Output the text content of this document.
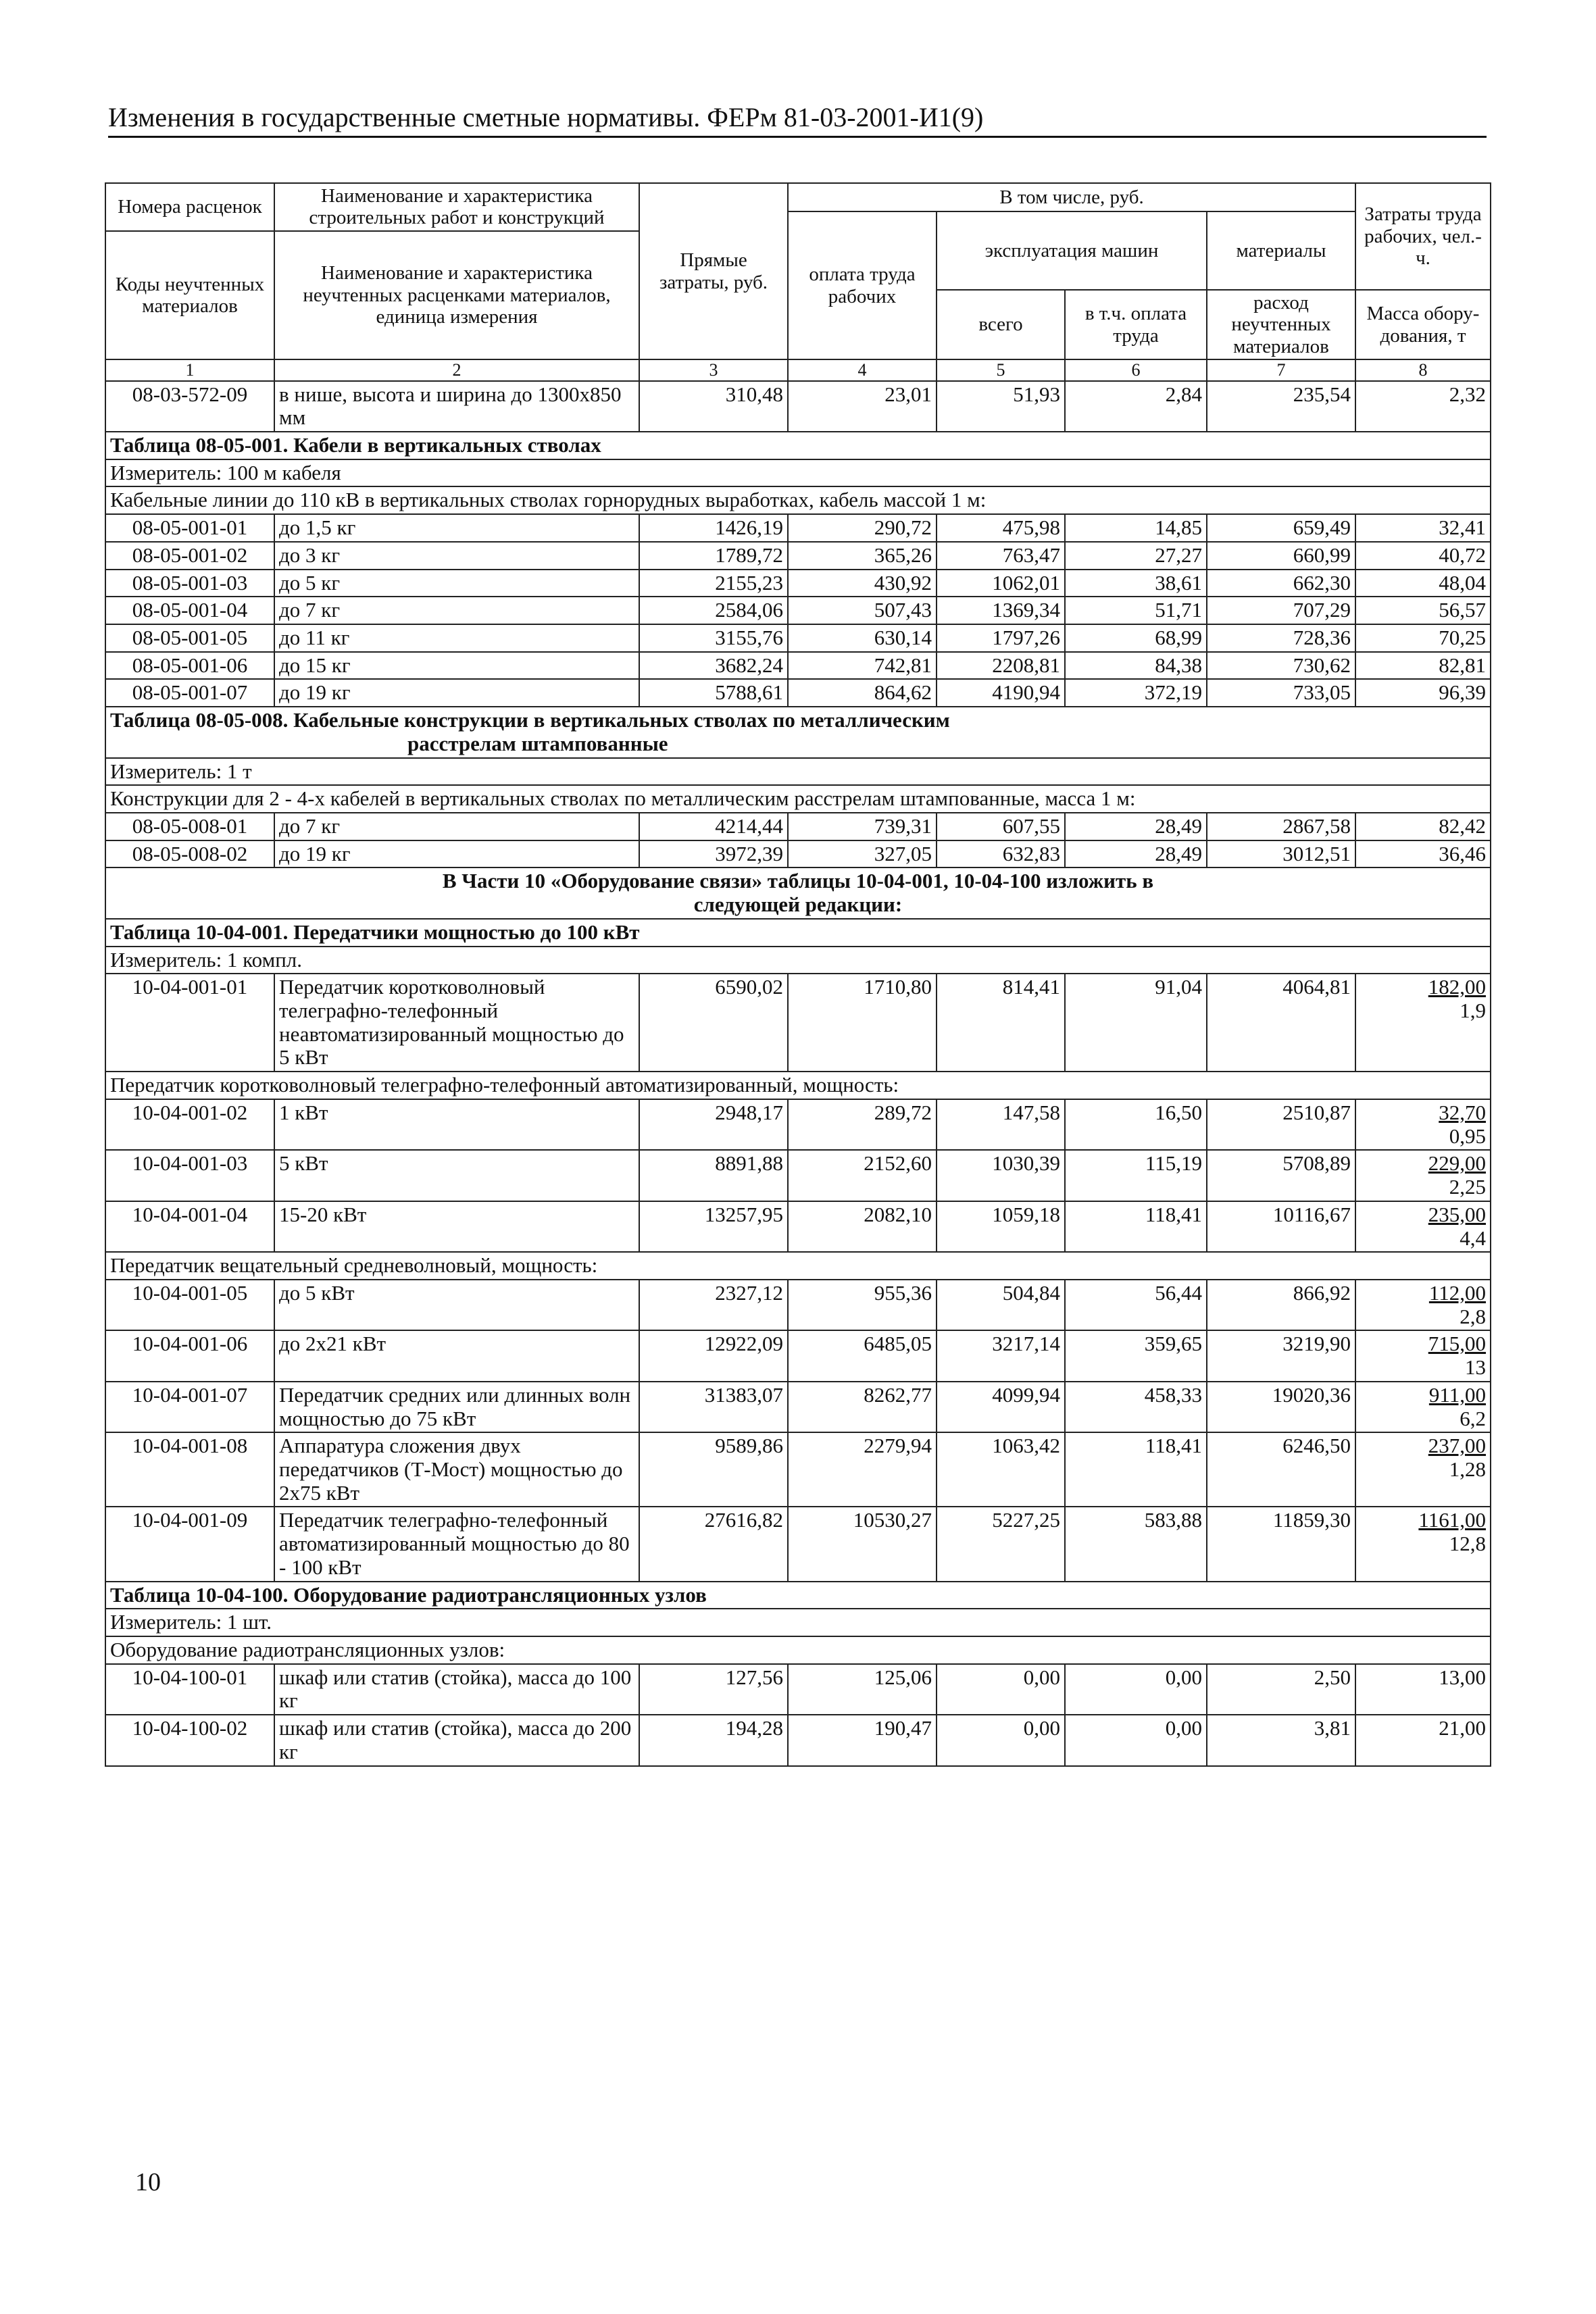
Изменения в государственные сметные нормативы. ФЕРм 81-03-2001-И1(9)
Номера расценок	Наименование и характеристика строительных работ и конструкций	Прямые затраты, руб.	В том числе, руб.				Затраты труда рабочих, чел.-ч.
			оплата труда рабочих	эксплуатация машин		материалы	
Коды неучтенных материалов	Наименование и характеристика неучтенных расценками материалов, единица измерения						
				всего	в т.ч. оплата труда	расход неучтенных материалов	Масса обору- дования, т
1	2	3	4	5	6	7	8
08-03-572-09	в нише, высота и ширина до 1300x850 мм	310,48	23,01	51,93	2,84	235,54	2,32
Таблица 08-05-001. Кабели в вертикальных стволах							
Измеритель: 100 м кабеля							
Кабельные линии до 110 кВ в вертикальных стволах горнорудных выработках, кабель массой 1 м:							
08-05-001-01	до 1,5 кг	1426,19	290,72	475,98	14,85	659,49	32,41
08-05-001-02	до 3 кг	1789,72	365,26	763,47	27,27	660,99	40,72
08-05-001-03	до 5 кг	2155,23	430,92	1062,01	38,61	662,30	48,04
08-05-001-04	до 7 кг	2584,06	507,43	1369,34	51,71	707,29	56,57
08-05-001-05	до 11 кг	3155,76	630,14	1797,26	68,99	728,36	70,25
08-05-001-06	до 15 кг	3682,24	742,81	2208,81	84,38	730,62	82,81
08-05-001-07	до 19 кг	5788,61	864,62	4190,94	372,19	733,05	96,39

Таблица 08-05-008. Кабельные конструкции в вертикальных стволах по металлическим
расстрелам штампованные							

Измеритель: 1 т							
Конструкции для 2 - 4-х кабелей в вертикальных стволах по металлическим расстрелам штампованные, масса 1 м:							
08-05-008-01	до 7 кг	4214,44	739,31	607,55	28,49	2867,58	82,42
08-05-008-02	до 19 кг	3972,39	327,05	632,83	28,49	3012,51	36,46

В Части 10 «Оборудование связи» таблицы 10-04-001, 10-04-100 изложить в
следующей редакции:							

Таблица 10-04-001. Передатчики мощностью до 100 кВт							
Измеритель: 1 компл.							
10-04-001-01	Передатчик коротковолновый телеграфно-телефонный неавтоматизированный мощностью до 5 кВт	6590,02	1710,80	814,41	91,04	4064,81	182,00
1,9

Передатчик коротковолновый телеграфно-телефонный автоматизированный, мощность:							
10-04-001-02	1 кВт	2948,17	289,72	147,58	16,50	2510,87	32,70
0,95

10-04-001-03	5 кВт	8891,88	2152,60	1030,39	115,19	5708,89	229,00
2,25

10-04-001-04	15-20 кВт	13257,95	2082,10	1059,18	118,41	10116,67	235,00
4,4

Передатчик вещательный средневолновый, мощность:							
10-04-001-05	до 5 кВт	2327,12	955,36	504,84	56,44	866,92	112,00
2,8

10-04-001-06	до 2x21 кВт	12922,09	6485,05	3217,14	359,65	3219,90	715,00
13

10-04-001-07	Передатчик средних или длинных волн мощностью до 75 кВт	31383,07	8262,77	4099,94	458,33	19020,36	911,00
6,2

10-04-001-08	Аппаратура сложения двух передатчиков (Т-Мост) мощностью до 2x75 кВт	9589,86	2279,94	1063,42	118,41	6246,50	237,00
1,28

10-04-001-09	Передатчик телеграфно-телефонный автоматизированный мощностью до 80 - 100 кВт	27616,82	10530,27	5227,25	583,88	11859,30	1161,00
12,8

Таблица 10-04-100. Оборудование радиотрансляционных узлов							
Измеритель: 1 шт.							
Оборудование радиотрансляционных узлов:							
10-04-100-01	шкаф или статив (стойка), масса до 100 кг	127,56	125,06	0,00	0,00	2,50	13,00
10-04-100-02	шкаф или статив (стойка), масса до 200 кг	194,28	190,47	0,00	0,00	3,81	21,00
10
